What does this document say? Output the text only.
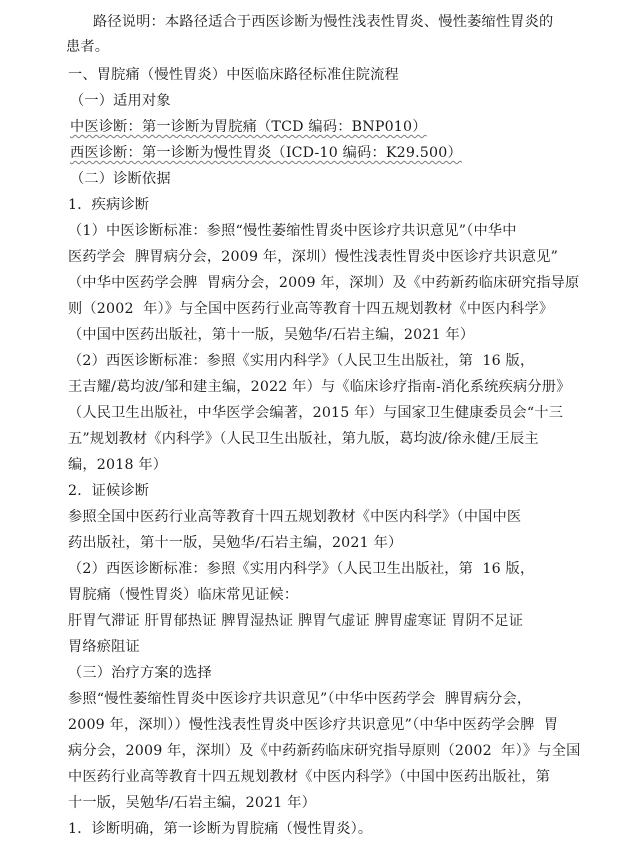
路径说明：本路径适合于西医诊断为慢性浅表性胃炎、慢性萎缩性胃炎的
患者。
一、胃脘痛（慢性胃炎）中医临床路径标准住院流程
（一）适用对象
中医诊断：第一诊断为胃脘痛（TCD 编码：BNP010）
西医诊断：第一诊断为慢性胃炎（ICD-10 编码：K29.500）
（二）诊断依据
1．疾病诊断
（1）中医诊断标准：参照“慢性萎缩性胃炎中医诊疗共识意见”（中华中
医药学会  脾胃病分会，2009 年，深圳）慢性浅表性胃炎中医诊疗共识意见”
（中华中医药学会脾  胃病分会，2009 年，深圳）及《中药新药临床研究指导原
则（2002  年）》与全国中医药行业高等教育十四五规划教材《中医内科学》
（中国中医药出版社，第十一版，吴勉华/石岩主编，2021 年）
（2）西医诊断标准：参照《实用内科学》（人民卫生出版社，第  16 版，
王吉耀/葛均波/邹和建主编，2022 年）与《临床诊疗指南-消化系统疾病分册》
（人民卫生出版社，中华医学会编著，2015 年）与国家卫生健康委员会“十三
五”规划教材《内科学》（人民卫生出版社，第九版，葛均波/徐永健/王辰主
编，2018 年）
2．证候诊断
参照全国中医药行业高等教育十四五规划教材《中医内科学》（中国中医
药出版社，第十一版，吴勉华/石岩主编，2021 年）
（2）西医诊断标准：参照《实用内科学》（人民卫生出版社，第  16 版，
胃脘痛（慢性胃炎）临床常见证候：
肝胃气滞证 肝胃郁热证 脾胃湿热证 脾胃气虚证 脾胃虚寒证 胃阴不足证
胃络瘀阻证
（三）治疗方案的选择
参照“慢性萎缩性胃炎中医诊疗共识意见”（中华中医药学会  脾胃病分会，
2009 年，深圳））慢性浅表性胃炎中医诊疗共识意见”（中华中医药学会脾  胃
病分会，2009 年，深圳）及《中药新药临床研究指导原则（2002  年）》与全国
中医药行业高等教育十四五规划教材《中医内科学》（中国中医药出版社，第
十一版，吴勉华/石岩主编，2021 年）
1．诊断明确，第一诊断为胃脘痛（慢性胃炎）。
